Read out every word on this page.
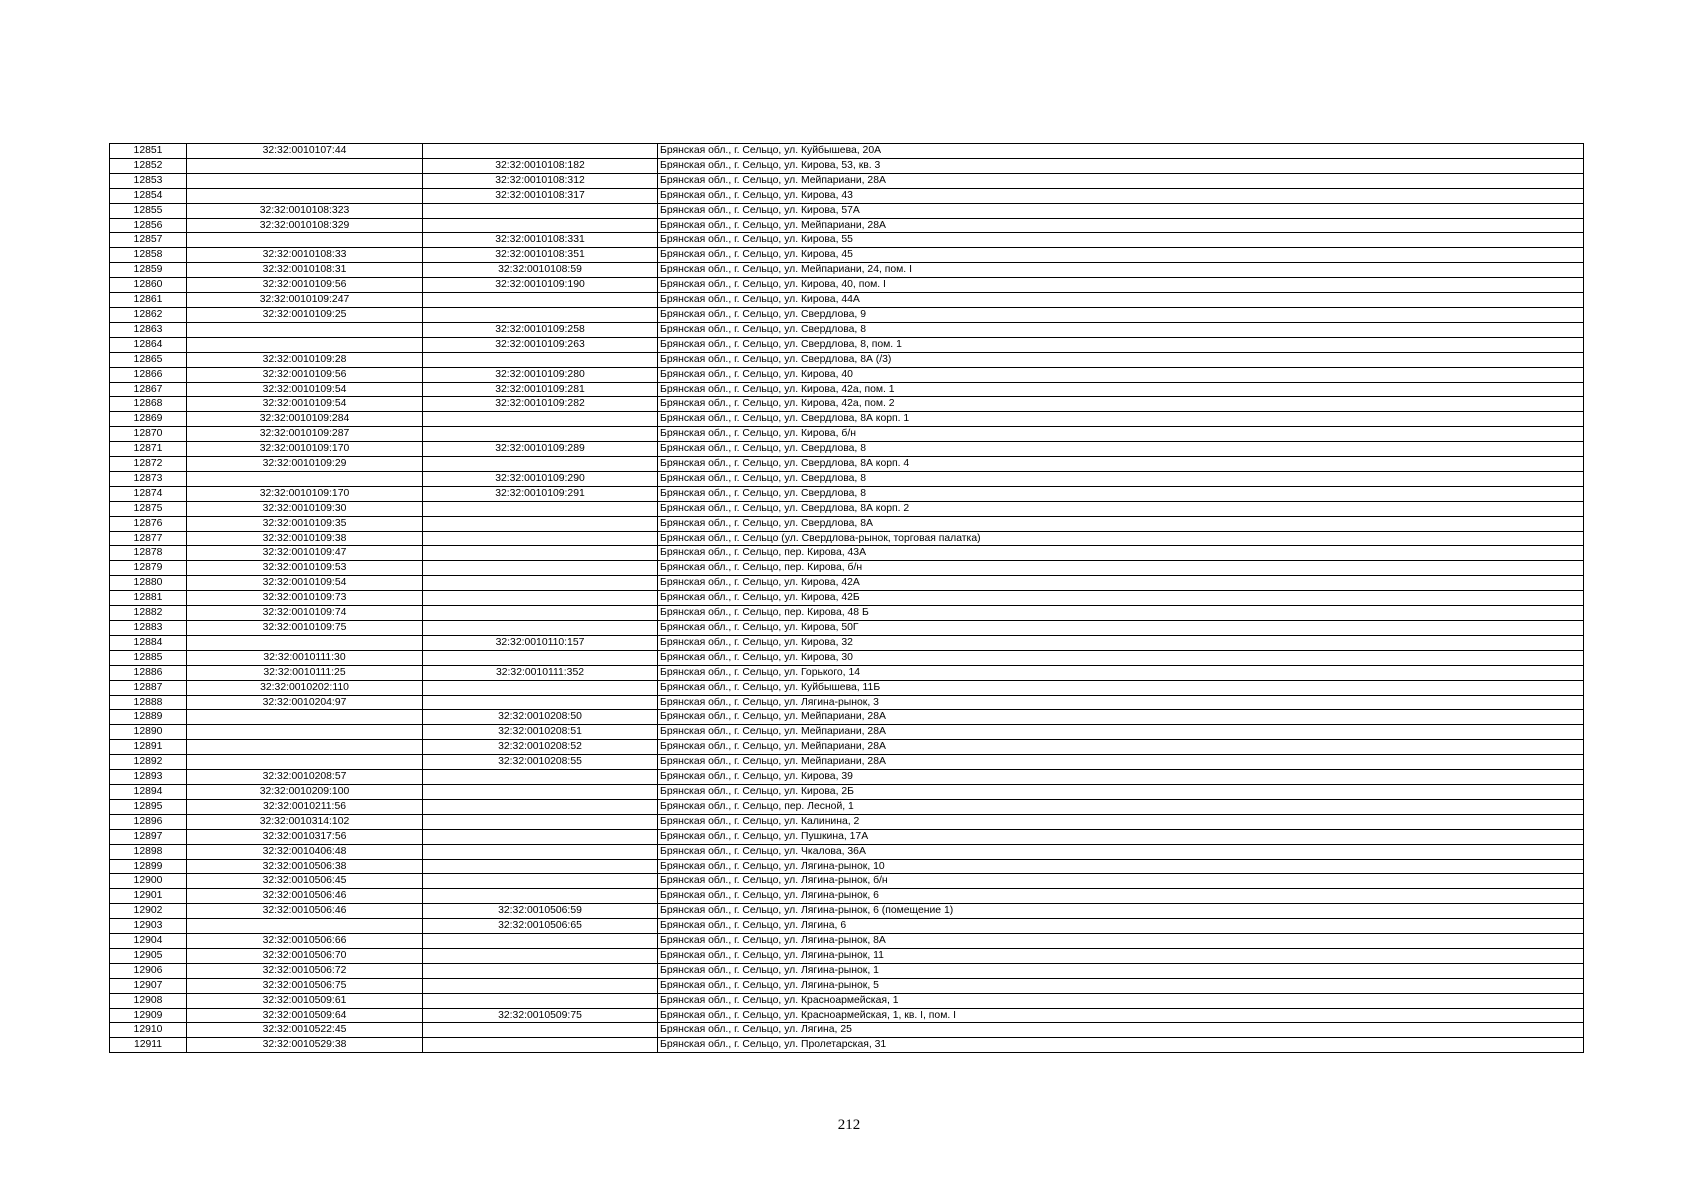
12851	32:32:0010107:44		Брянская обл., г. Сельцо, ул. Куйбышева, 20А
12852		32:32:0010108:182	Брянская обл., г. Сельцо, ул. Кирова, 53, кв. 3
12853		32:32:0010108:312	Брянская обл., г. Сельцо, ул. Мейпариани, 28А
12854		32:32:0010108:317	Брянская обл., г. Сельцо, ул. Кирова, 43
12855	32:32:0010108:323		Брянская обл., г. Сельцо, ул. Кирова, 57А
12856	32:32:0010108:329		Брянская обл., г. Сельцо, ул. Мейпариани, 28А
12857		32:32:0010108:331	Брянская обл., г. Сельцо, ул. Кирова, 55
12858	32:32:0010108:33	32:32:0010108:351	Брянская обл., г. Сельцо, ул. Кирова, 45
12859	32:32:0010108:31	32:32:0010108:59	Брянская обл., г. Сельцо, ул. Мейпариани, 24, пом. I
12860	32:32:0010109:56	32:32:0010109:190	Брянская обл., г. Сельцо, ул. Кирова, 40, пом. I
12861	32:32:0010109:247		Брянская обл., г. Сельцо, ул. Кирова, 44А
12862	32:32:0010109:25		Брянская обл., г. Сельцо, ул. Свердлова, 9
12863		32:32:0010109:258	Брянская обл., г. Сельцо, ул. Свердлова, 8
12864		32:32:0010109:263	Брянская обл., г. Сельцо, ул. Свердлова, 8, пом. 1
12865	32:32:0010109:28		Брянская обл., г. Сельцо, ул. Свердлова, 8А (/3)
12866	32:32:0010109:56	32:32:0010109:280	Брянская обл., г. Сельцо, ул. Кирова, 40
12867	32:32:0010109:54	32:32:0010109:281	Брянская обл., г. Сельцо, ул. Кирова, 42а, пом. 1
12868	32:32:0010109:54	32:32:0010109:282	Брянская обл., г. Сельцо, ул. Кирова, 42а, пом. 2
12869	32:32:0010109:284		Брянская обл., г. Сельцо, ул. Свердлова, 8А корп. 1
12870	32:32:0010109:287		Брянская обл., г. Сельцо, ул. Кирова, б/н
12871	32:32:0010109:170	32:32:0010109:289	Брянская обл., г. Сельцо, ул. Свердлова, 8
12872	32:32:0010109:29		Брянская обл., г. Сельцо, ул. Свердлова, 8А корп. 4
12873		32:32:0010109:290	Брянская обл., г. Сельцо, ул. Свердлова, 8
12874	32:32:0010109:170	32:32:0010109:291	Брянская обл., г. Сельцо, ул. Свердлова, 8
12875	32:32:0010109:30		Брянская обл., г. Сельцо, ул. Свердлова, 8А корп. 2
12876	32:32:0010109:35		Брянская обл., г. Сельцо, ул. Свердлова, 8А
12877	32:32:0010109:38		Брянская обл., г. Сельцо (ул. Свердлова-рынок, торговая палатка)
12878	32:32:0010109:47		Брянская обл., г. Сельцо, пер. Кирова, 43А
12879	32:32:0010109:53		Брянская обл., г. Сельцо, пер. Кирова, б/н
12880	32:32:0010109:54		Брянская обл., г. Сельцо, ул. Кирова, 42А
12881	32:32:0010109:73		Брянская обл., г. Сельцо, ул. Кирова, 42Б
12882	32:32:0010109:74		Брянская обл., г. Сельцо, пер. Кирова, 48 Б
12883	32:32:0010109:75		Брянская обл., г. Сельцо, ул. Кирова, 50Г
12884		32:32:0010110:157	Брянская обл., г. Сельцо, ул. Кирова, 32
12885	32:32:0010111:30		Брянская обл., г. Сельцо, ул. Кирова, 30
12886	32:32:0010111:25	32:32:0010111:352	Брянская обл., г. Сельцо, ул. Горького, 14
12887	32:32:0010202:110		Брянская обл., г. Сельцо, ул. Куйбышева, 11Б
12888	32:32:0010204:97		Брянская обл., г. Сельцо, ул. Лягина-рынок, 3
12889		32:32:0010208:50	Брянская обл., г. Сельцо, ул. Мейпариани, 28А
12890		32:32:0010208:51	Брянская обл., г. Сельцо, ул. Мейпариани, 28А
12891		32:32:0010208:52	Брянская обл., г. Сельцо, ул. Мейпариани, 28А
12892		32:32:0010208:55	Брянская обл., г. Сельцо, ул. Мейпариани, 28А
12893	32:32:0010208:57		Брянская обл., г. Сельцо, ул. Кирова, 39
12894	32:32:0010209:100		Брянская обл., г. Сельцо, ул. Кирова, 2Б
12895	32:32:0010211:56		Брянская обл., г. Сельцо, пер. Лесной, 1
12896	32:32:0010314:102		Брянская обл., г. Сельцо, ул. Калинина, 2
12897	32:32:0010317:56		Брянская обл., г. Сельцо, ул. Пушкина, 17А
12898	32:32:0010406:48		Брянская обл., г. Сельцо, ул. Чкалова, 36А
12899	32:32:0010506:38		Брянская обл., г. Сельцо, ул. Лягина-рынок, 10
12900	32:32:0010506:45		Брянская обл., г. Сельцо, ул. Лягина-рынок, б/н
12901	32:32:0010506:46		Брянская обл., г. Сельцо, ул. Лягина-рынок, 6
12902	32:32:0010506:46	32:32:0010506:59	Брянская обл., г. Сельцо, ул. Лягина-рынок, 6 (помещение 1)
12903		32:32:0010506:65	Брянская обл., г. Сельцо, ул. Лягина, 6
12904	32:32:0010506:66		Брянская обл., г. Сельцо, ул. Лягина-рынок, 8А
12905	32:32:0010506:70		Брянская обл., г. Сельцо, ул. Лягина-рынок, 11
12906	32:32:0010506:72		Брянская обл., г. Сельцо, ул. Лягина-рынок, 1
12907	32:32:0010506:75		Брянская обл., г. Сельцо, ул. Лягина-рынок, 5
12908	32:32:0010509:61		Брянская обл., г. Сельцо, ул. Красноармейская, 1
12909	32:32:0010509:64	32:32:0010509:75	Брянская обл., г. Сельцо, ул. Красноармейская, 1, кв. I, пом. I
12910	32:32:0010522:45		Брянская обл., г. Сельцо, ул. Лягина, 25
12911	32:32:0010529:38		Брянская обл., г. Сельцо, ул. Пролетарская, 31
212
